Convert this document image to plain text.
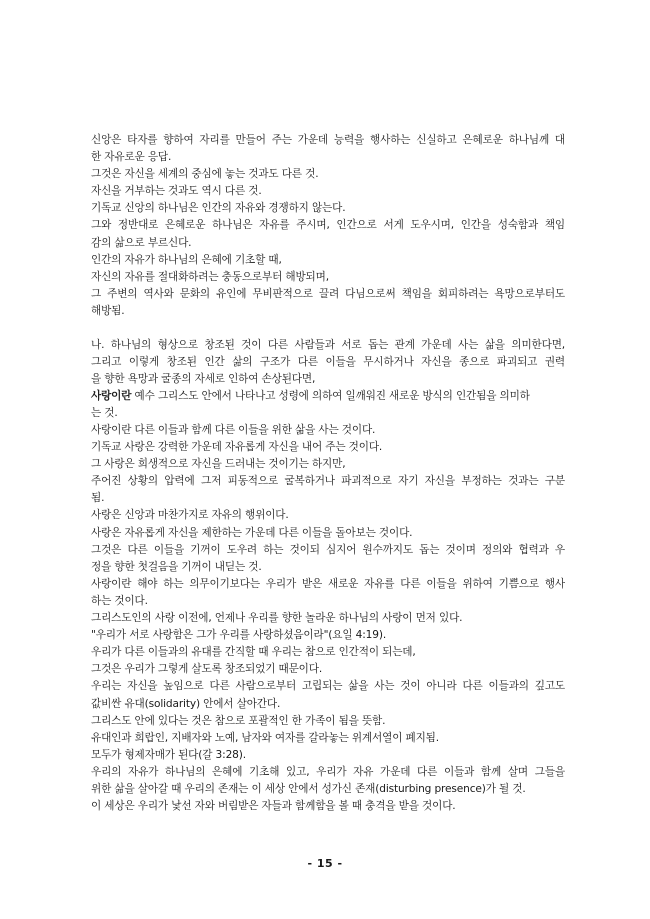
신앙은 타자를 향하여 자리를 만들어 주는 가운데 능력을 행사하는 신실하고 은혜로운 하나님께 대
한 자유로운 응답.
그것은 자신을 세계의 중심에 놓는 것과도 다른 것.
자신을 거부하는 것과도 역시 다른 것.
기독교 신앙의 하나님은 인간의 자유와 경쟁하지 않는다.
그와 정반대로 은혜로운 하나님은 자유를 주시며, 인간으로 서게 도우시며, 인간을 성숙함과 책임
감의 삶으로 부르신다.
인간의 자유가 하나님의 은혜에 기초할 때,
자신의 자유를 절대화하려는 충동으로부터 해방되며,
그 주변의 역사와 문화의 유인에 무비판적으로 끌려 다님으로써 책임을 회피하려는 욕망으로부터도
해방됨.
나. 하나님의 형상으로 창조된 것이 다른 사람들과 서로 돕는 관계 가운데 사는 삶을 의미한다면,
그리고 이렇게 창조된 인간 삶의 구조가 다른 이들을 무시하거나 자신을 종으로 파괴되고 권력
을 향한 욕망과 굴종의 자세로 인하여 손상된다면,
사랑이란 예수 그리스도 안에서 나타나고 성령에 의하여 일깨워진 새로운 방식의 인간됨을 의미하
는 것.
사랑이란 다른 이들과 함께 다른 이들을 위한 삶을 사는 것이다.
기독교 사랑은 강력한 가운데 자유롭게 자신을 내어 주는 것이다.
그 사랑은 희생적으로 자신을 드러내는 것이기는 하지만,
주어진 상황의 압력에 그저 피동적으로 굴복하거나 파괴적으로 자기 자신을 부정하는 것과는 구분
됨.
사랑은 신앙과 마찬가지로 자유의 행위이다.
사랑은 자유롭게 자신을 제한하는 가운데 다른 이들을 돌아보는 것이다.
그것은 다른 이들을 기꺼이 도우려 하는 것이되 심지어 원수까지도 돕는 것이며 정의와 협력과 우
정을 향한 첫걸음을 기꺼이 내딛는 것.
사랑이란 해야 하는 의무이기보다는 우리가 받은 새로운 자유를 다른 이들을 위하여 기쁨으로 행사
하는 것이다.
그리스도인의 사랑 이전에, 언제나 우리를 향한 놀라운 하나님의 사랑이 먼저 있다.
"우리가 서로 사랑함은 그가 우리를 사랑하셨음이라"(요일 4:19).
우리가 다른 이들과의 유대를 간직할 때 우리는 참으로 인간적이 되는데,
그것은 우리가 그렇게 살도록 창조되었기 때문이다.
우리는 자신을 높임으로 다른 사람으로부터 고립되는 삶을 사는 것이 아니라 다른 이들과의 깊고도
값비싼 유대(solidarity) 안에서 살아간다.
그리스도 안에 있다는 것은 참으로 포괄적인 한 가족이 됨을 뜻함.
유대인과 희랍인, 지배자와 노예, 남자와 여자를 갈라놓는 위계서열이 폐지됨.
모두가 형제자매가 된다(갈 3:28).
우리의 자유가 하나님의 은혜에 기초해 있고, 우리가 자유 가운데 다른 이들과 함께 살며 그들을
위한 삶을 살아갈 때 우리의 존재는 이 세상 안에서 성가신 존재(disturbing presence)가 될 것.
이 세상은 우리가 낯선 자와 버림받은 자들과 함께함을 볼 때 충격을 받을 것이다.
- 15 -
